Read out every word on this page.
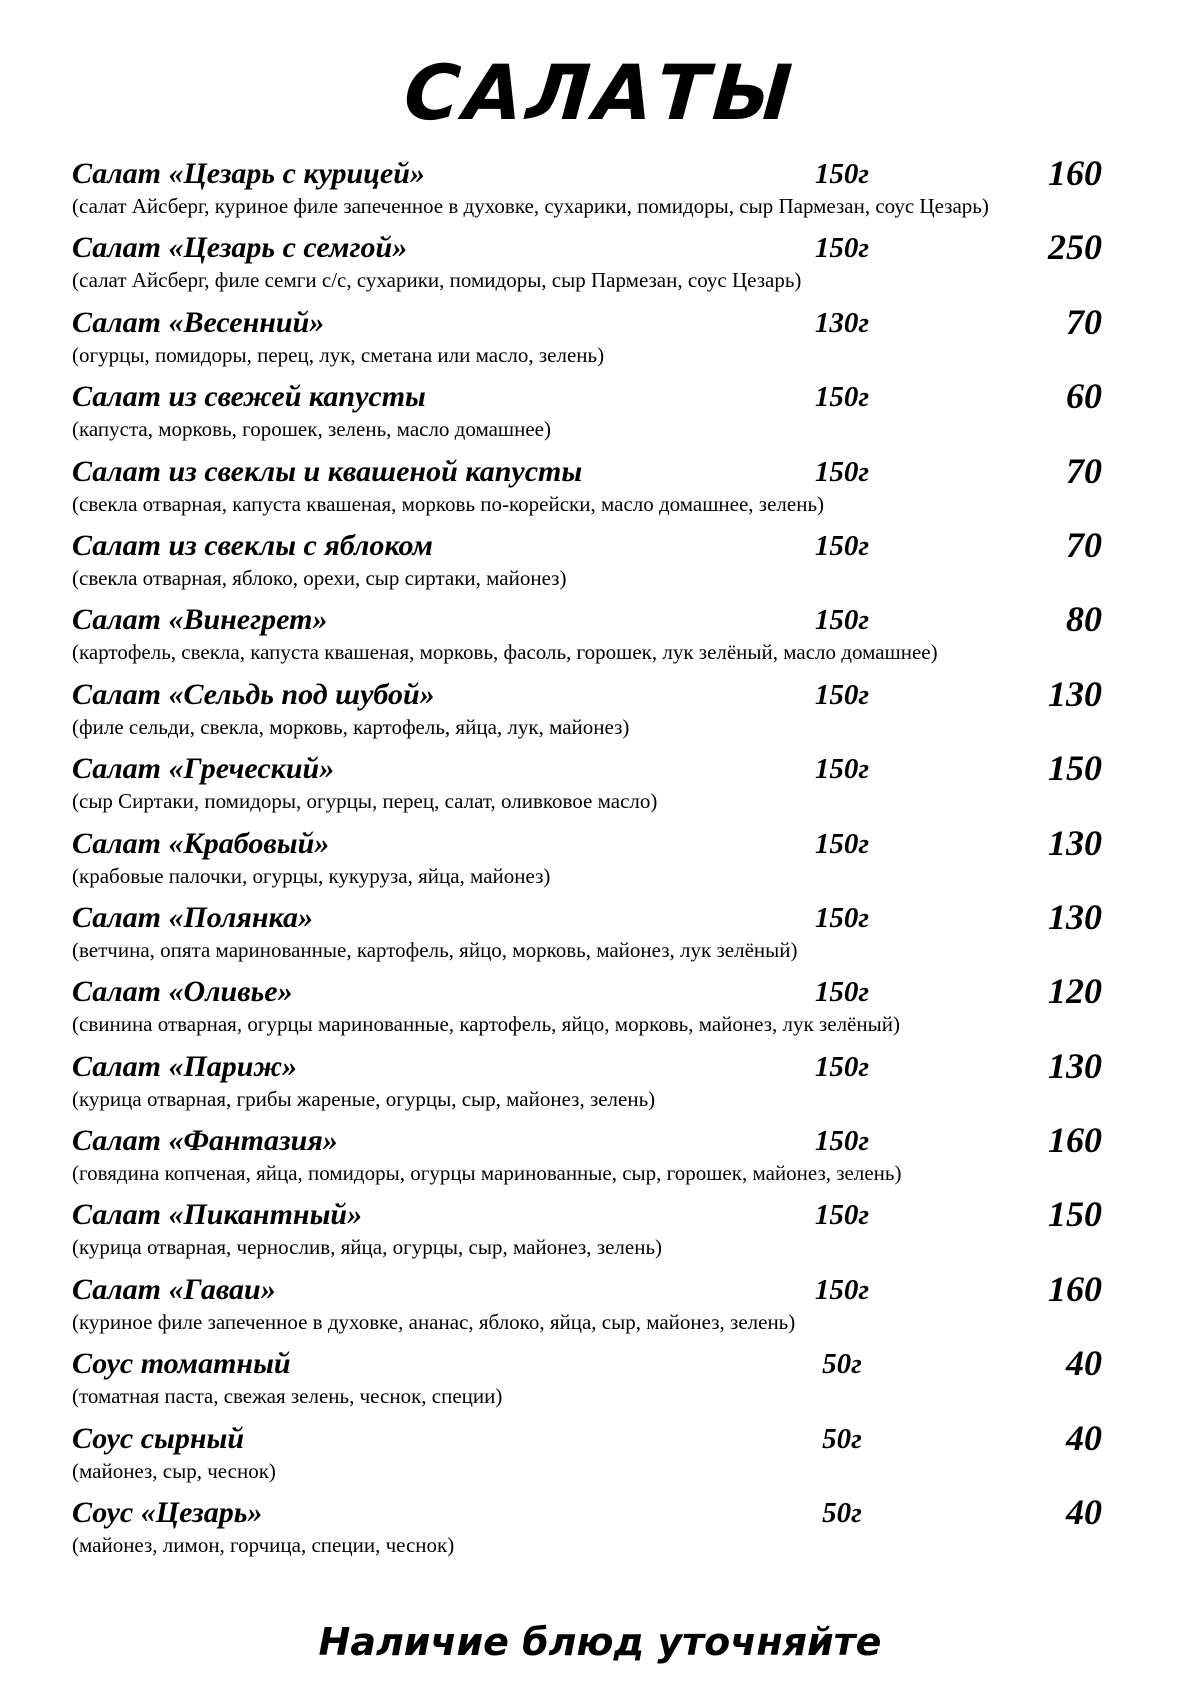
САЛАТЫ
Салат «Цезарь с курицей»	150г	160
(салат Айсберг, куриное филе запеченное в духовке, сухарики, помидоры, сыр Пармезан, соус Цезарь)
Салат «Цезарь с семгой»	150г	250
(салат Айсберг, филе семги с/с, сухарики, помидоры, сыр Пармезан, соус Цезарь)
Салат «Весенний»	130г	70
(огурцы, помидоры, перец, лук, сметана или масло, зелень)
Салат из свежей капусты	150г	60
(капуста, морковь, горошек, зелень, масло домашнее)
Салат из свеклы и квашеной капусты	150г	70
(свекла отварная, капуста квашеная, морковь по-корейски, масло домашнее, зелень)
Салат из свеклы с яблоком	150г	70
(свекла отварная, яблоко, орехи, сыр сиртаки, майонез)
Салат «Винегрет»	150г	80
(картофель, свекла, капуста квашеная, морковь, фасоль, горошек, лук зелёный, масло домашнее)
Салат «Сельдь под шубой»	150г	130
(филе сельди, свекла, морковь, картофель, яйца, лук, майонез)
Салат «Греческий»	150г	150
(сыр Сиртаки, помидоры, огурцы, перец, салат, оливковое масло)
Салат «Крабовый»	150г	130
(крабовые палочки, огурцы, кукуруза, яйца, майонез)
Салат «Полянка»	150г	130
(ветчина, опята маринованные, картофель, яйцо, морковь, майонез, лук зелёный)
Салат «Оливье»	150г	120
(свинина отварная, огурцы маринованные, картофель, яйцо, морковь, майонез, лук зелёный)
Салат «Париж»	150г	130
(курица отварная, грибы жареные, огурцы, сыр, майонез, зелень)
Салат «Фантазия»	150г	160
(говядина копченая, яйца, помидоры, огурцы маринованные, сыр, горошек, майонез, зелень)
Салат «Пикантный»	150г	150
(курица отварная, чернослив, яйца, огурцы, сыр, майонез, зелень)
Салат «Гаваи»	150г	160
(куриное филе запеченное в духовке, ананас, яблоко, яйца, сыр, майонез, зелень)
Соус томатный	50г	40
(томатная паста, свежая зелень, чеснок, специи)
Соус сырный	50г	40
(майонез, сыр, чеснок)
Соус «Цезарь»	50г	40
(майонез, лимон, горчица, специи, чеснок)
Наличие блюд уточняйте
